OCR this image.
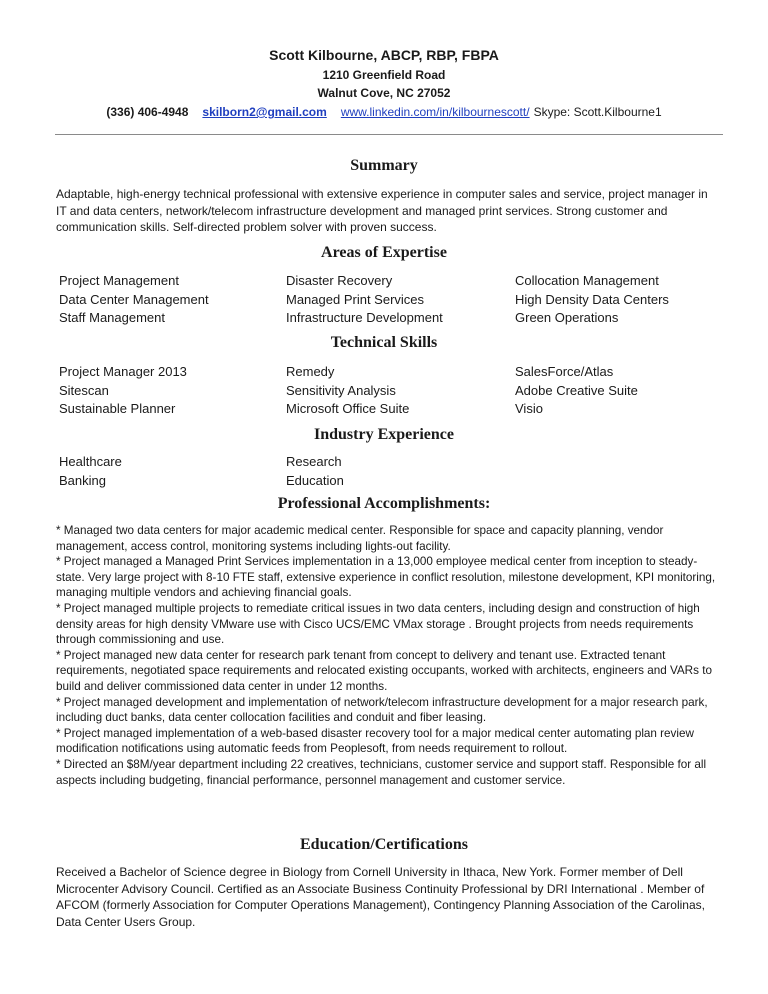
Scott Kilbourne, ABCP, RBP, FBPA
1210 Greenfield Road
Walnut Cove, NC 27052
(336) 406-4948 skilborn2@gmail.com www.linkedin.com/in/kilbournescott/ Skype: Scott.Kilbourne1
Summary
Adaptable, high-energy technical professional with extensive experience in computer sales and service, project manager in IT and data centers, network/telecom infrastructure development and managed print services. Strong customer and communication skills. Self-directed problem solver with proven success.
Areas of Expertise
Project Management	Disaster Recovery	Collocation Management
Data Center Management	Managed Print Services	High Density Data Centers
Staff Management	Infrastructure Development	Green Operations
Technical Skills
Project Manager 2013	Remedy	SalesForce/Atlas
Sitescan	Sensitivity Analysis	Adobe Creative Suite
Sustainable Planner	Microsoft Office Suite	Visio
Industry Experience
Healthcare	Research
Banking	Education
Professional Accomplishments:
* Managed two data centers for major academic medical center. Responsible for space and capacity planning, vendor management, access control, monitoring systems including lights-out facility.
* Project managed a Managed Print Services implementation in a 13,000 employee medical center from inception to steady-state. Very large project with 8-10 FTE staff, extensive experience in conflict resolution, milestone development, KPI monitoring, managing multiple vendors and achieving financial goals.
* Project managed multiple projects to remediate critical issues in two data centers, including design and construction of high density areas for high density VMware use with Cisco UCS/EMC VMax storage . Brought projects from needs requirements through commissioning and use.
* Project managed new data center for research park tenant from concept to delivery and tenant use. Extracted tenant requirements, negotiated space requirements and relocated existing occupants, worked with architects, engineers and VARs to build and deliver commissioned data center in under 12 months.
* Project managed development and implementation of network/telecom infrastructure development for a major research park, including duct banks, data center collocation facilities and conduit and fiber leasing.
* Project managed implementation of a web-based disaster recovery tool for a major medical center automating plan review modification notifications using automatic feeds from Peoplesoft, from needs requirement to rollout.
* Directed an $8M/year department including 22 creatives, technicians, customer service and support staff. Responsible for all aspects including budgeting, financial performance, personnel management and customer service.
Education/Certifications
Received a Bachelor of Science degree in Biology from Cornell University in Ithaca, New York. Former member of Dell Microcenter Advisory Council. Certified as an Associate Business Continuity Professional by DRI International . Member of AFCOM (formerly Association for Computer Operations Management), Contingency Planning Association of the Carolinas, Data Center Users Group.
